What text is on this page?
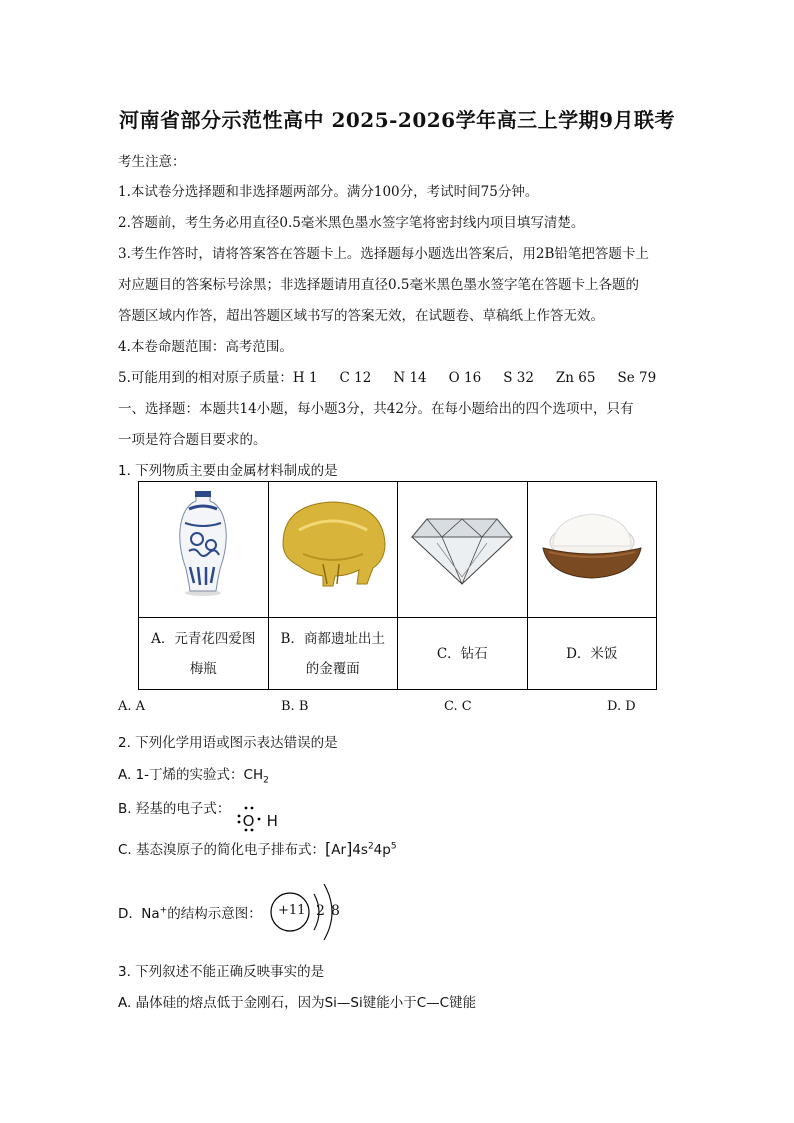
河南省部分示范性高中 2025-2026学年高三上学期9月联考
考生注意：
1.本试卷分选择题和非选择题两部分。满分100分，考试时间75分钟。
2.答题前，考生务必用直径0.5毫米黑色墨水签字笔将密封线内项目填写清楚。
3.考生作答时，请将答案答在答题卡上。选择题每小题选出答案后，用2B铅笔把答题卡上
对应题目的答案标号涂黑；非选择题请用直径0.5毫米黑色墨水签字笔在答题卡上各题的
答题区域内作答，超出答题区域书写的答案无效，在试题卷、草稿纸上作答无效。
4.本卷命题范围：高考范围。
5.可能用到的相对原子质量：H 1 C 12 N 14 O 16 S 32 Zn 65 Se 79
一、选择题：本题共14小题，每小题3分，共42分。在每小题给出的四个选项中，只有
一项是符合题目要求的。
1. 下列物质主要由金属材料制成的是

A．元青花四爱图
梅瓶	B．商都遗址出土
的金覆面	C．钻石	D．米饭
A. A	B. B	C. C	D. D
2. 下列化学用语或图示表达错误的是
A. 1-丁烯的实验式：$CH_2$
B. 羟基的电子式：
O H
C. 基态溴原子的简化电子排布式：$[Ar]4s^24p^5$
D. Na+的结构示意图： +11 2 8
3. 下列叙述不能正确反映事实的是
A. 晶体硅的熔点低于金刚石，因为Si—Si键能小于C—C键能
